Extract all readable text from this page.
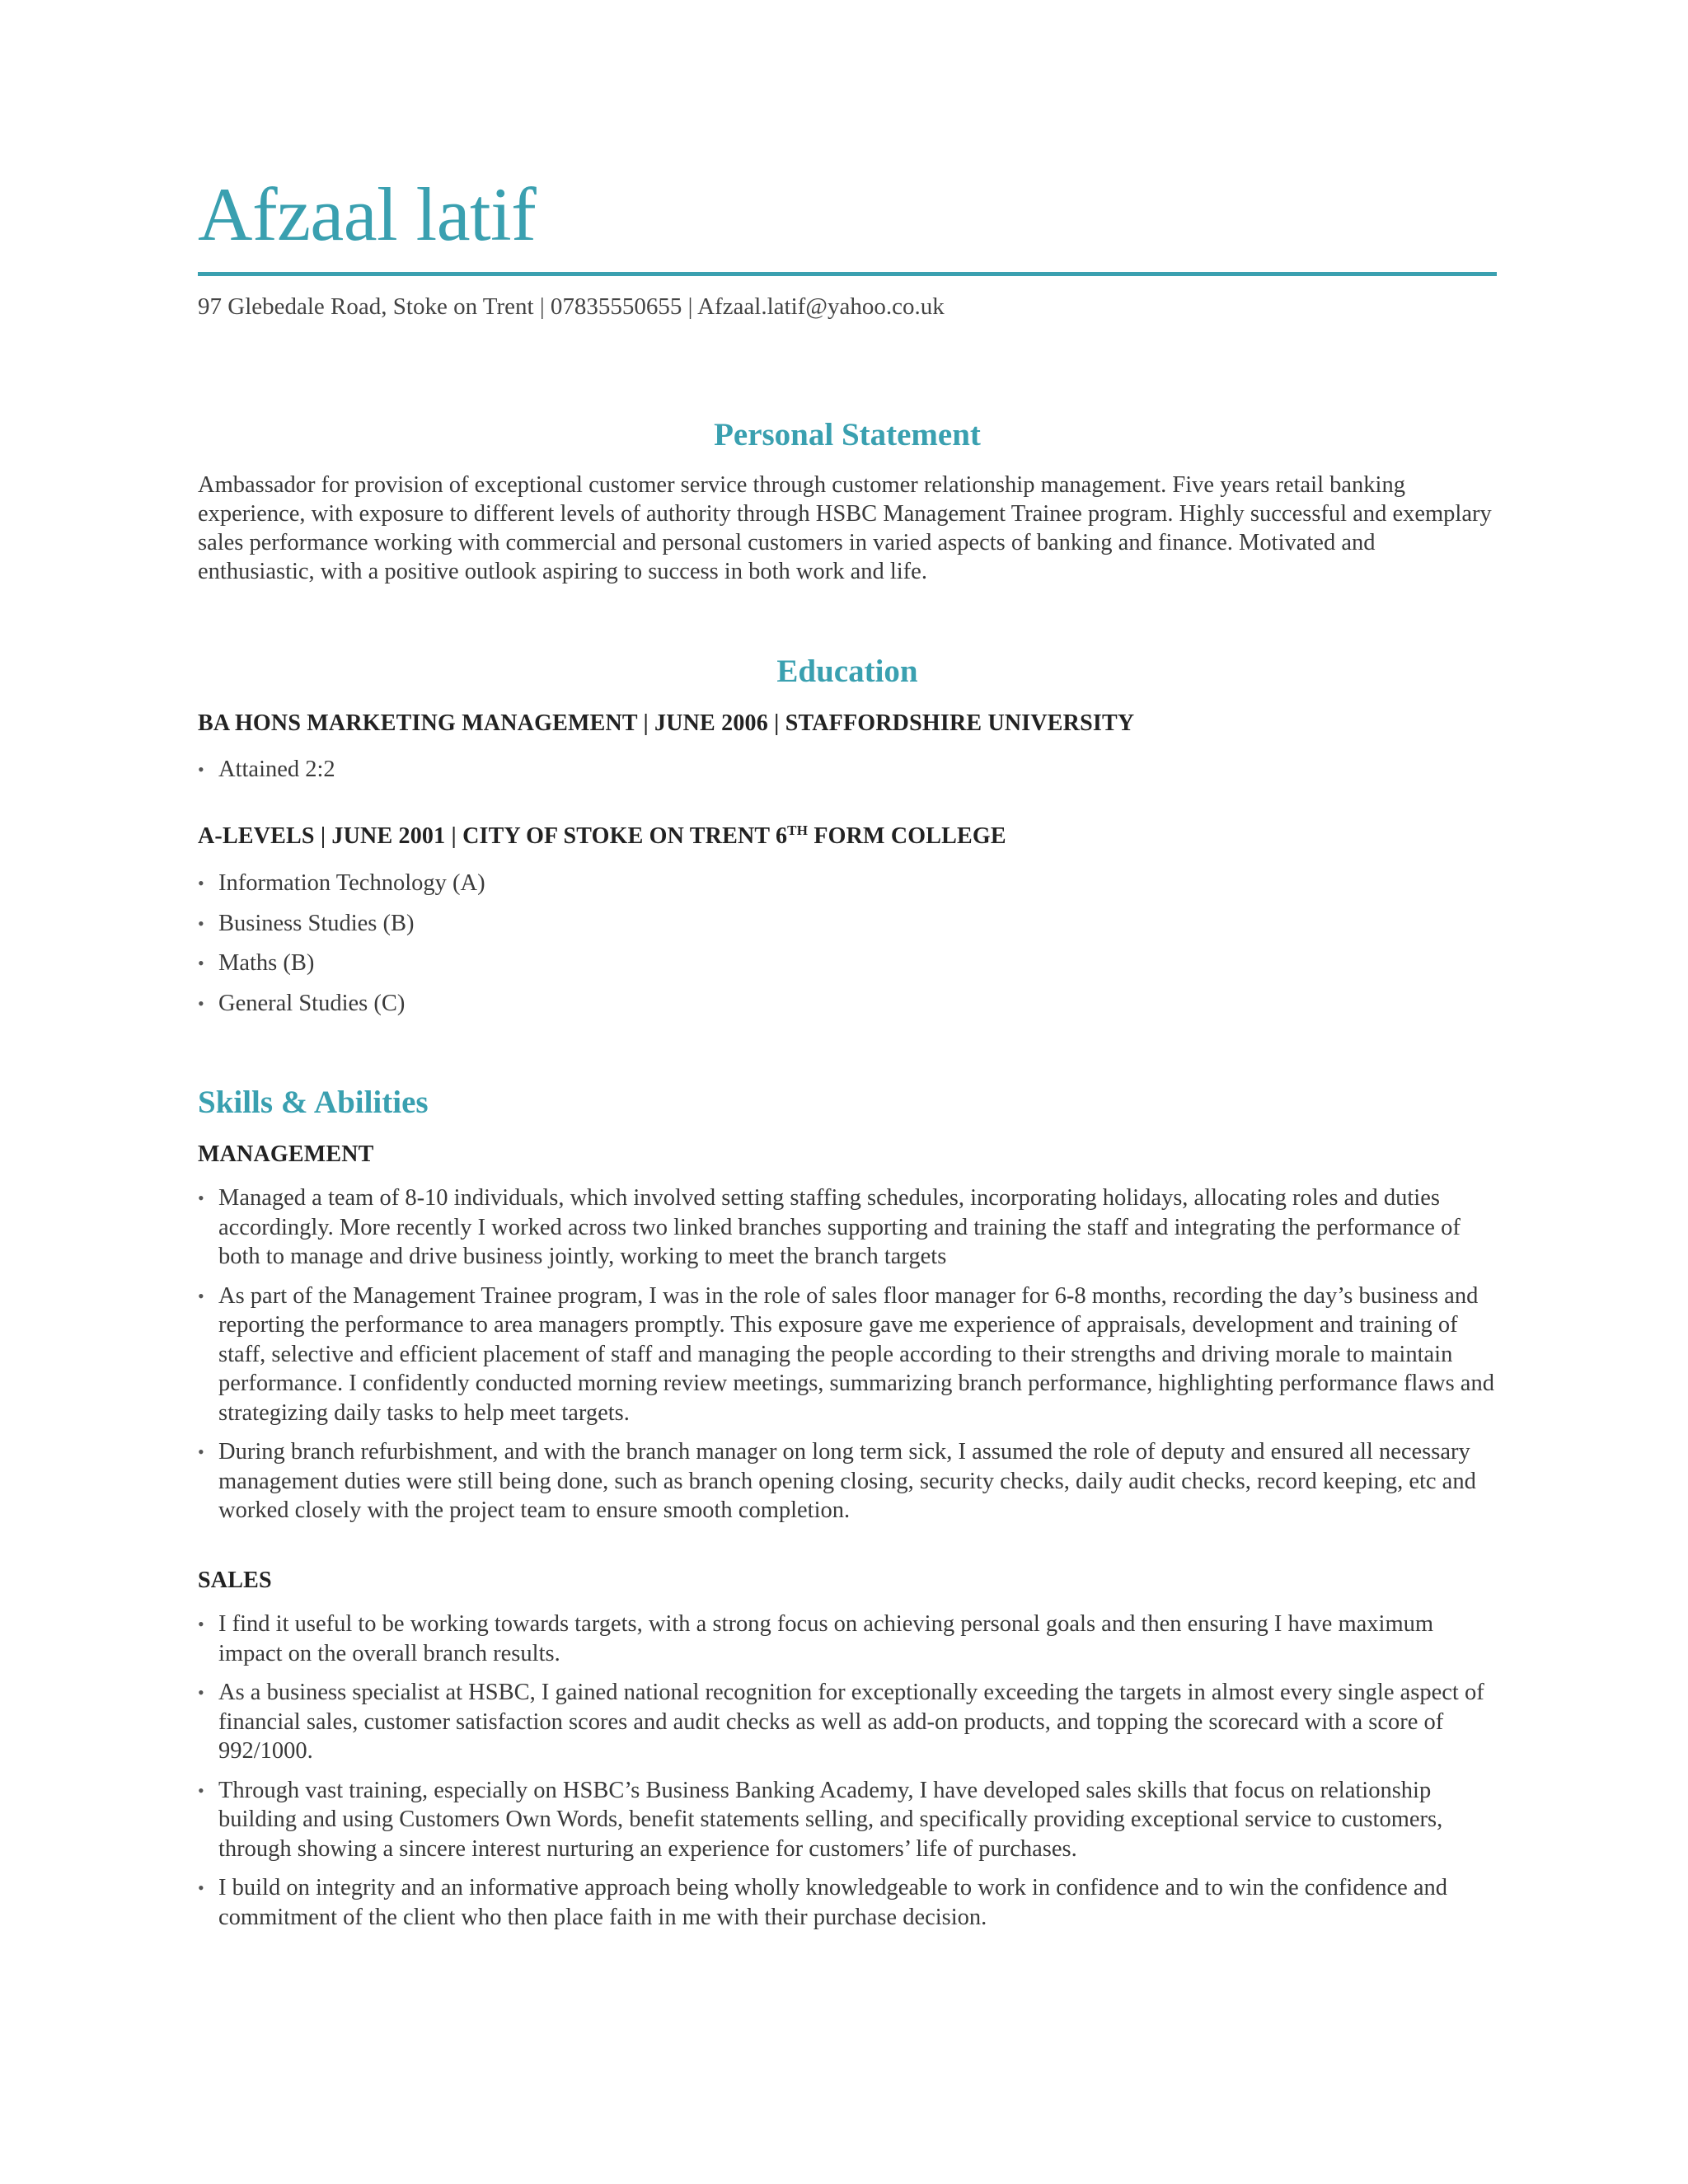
Afzaal latif
97 Glebedale Road, Stoke on Trent | 07835550655 | Afzaal.latif@yahoo.co.uk
Personal Statement
Ambassador for provision of exceptional customer service through customer relationship management. Five years retail banking experience, with exposure to different levels of authority through HSBC Management Trainee program. Highly successful and exemplary sales performance working with commercial and personal customers in varied aspects of banking and finance. Motivated and enthusiastic, with a positive outlook aspiring to success in both work and life.
Education
BA HONS MARKETING MANAGEMENT | JUNE 2006 | STAFFORDSHIRE UNIVERSITY
• Attained 2:2
A-LEVELS | JUNE 2001 | CITY OF STOKE ON TRENT 6TH FORM COLLEGE
• Information Technology (A)
• Business Studies (B)
• Maths (B)
• General Studies (C)
Skills & Abilities
MANAGEMENT
• Managed a team of 8-10 individuals, which involved setting staffing schedules, incorporating holidays, allocating roles and duties accordingly. More recently I worked across two linked branches supporting and training the staff and integrating the performance of both to manage and drive business jointly, working to meet the branch targets
• As part of the Management Trainee program, I was in the role of sales floor manager for 6-8 months, recording the day’s business and reporting the performance to area managers promptly. This exposure gave me experience of appraisals, development and training of staff, selective and efficient placement of staff and managing the people according to their strengths and driving morale to maintain performance. I confidently conducted morning review meetings, summarizing branch performance, highlighting performance flaws and strategizing daily tasks to help meet targets.
• During branch refurbishment, and with the branch manager on long term sick, I assumed the role of deputy and ensured all necessary management duties were still being done, such as branch opening closing, security checks, daily audit checks, record keeping, etc and worked closely with the project team to ensure smooth completion.
SALES
• I find it useful to be working towards targets, with a strong focus on achieving personal goals and then ensuring I have maximum impact on the overall branch results.
• As a business specialist at HSBC, I gained national recognition for exceptionally exceeding the targets in almost every single aspect of financial sales, customer satisfaction scores and audit checks as well as add-on products, and topping the scorecard with a score of 992/1000.
• Through vast training, especially on HSBC’s Business Banking Academy, I have developed sales skills that focus on relationship building and using Customers Own Words, benefit statements selling, and specifically providing exceptional service to customers, through showing a sincere interest nurturing an experience for customers’ life of purchases.
• I build on integrity and an informative approach being wholly knowledgeable to work in confidence and to win the confidence and commitment of the client who then place faith in me with their purchase decision.
